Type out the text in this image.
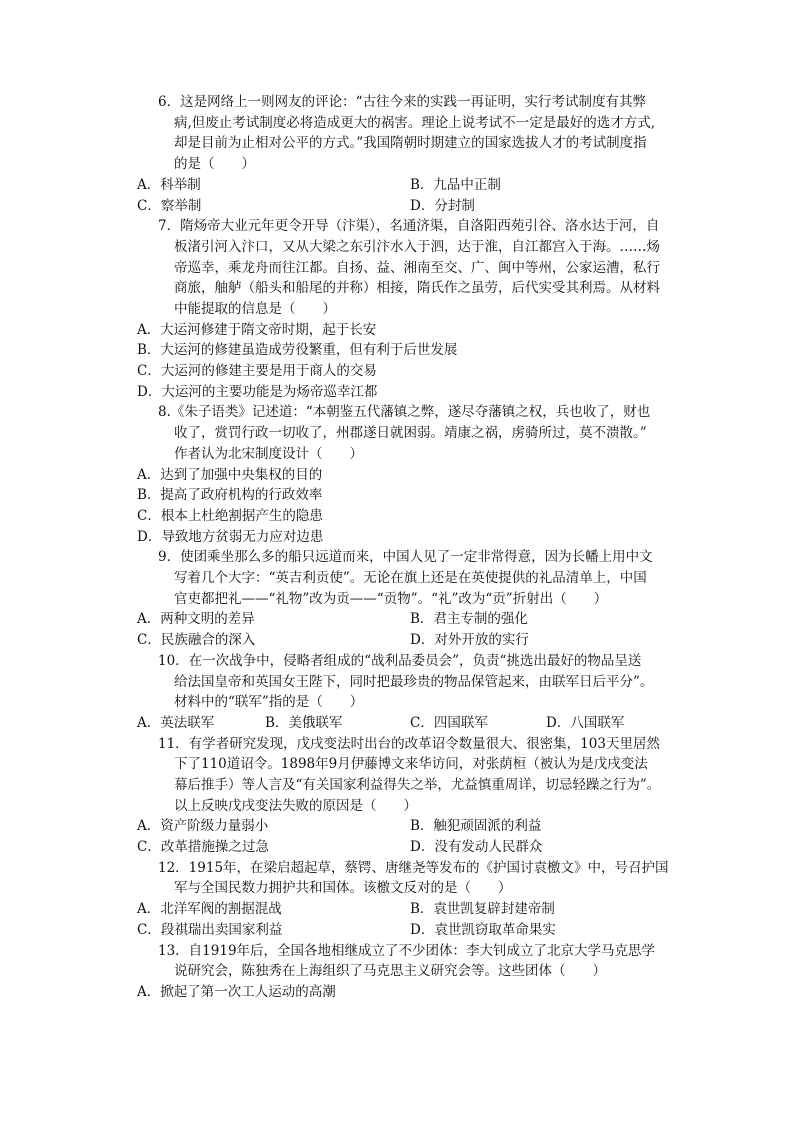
6．这是网络上一则网友的评论：“古往今来的实践一再证明，实行考试制度有其弊
病,但废止考试制度必将造成更大的祸害。理论上说考试不一定是最好的选才方式,
却是目前为止相对公平的方式。”我国隋朝时期建立的国家选拔人才的考试制度指
的是（　　）
A．科举制	B．九品中正制
C．察举制	D．分封制
7．隋炀帝大业元年更令开导（汴渠），名通济渠，自洛阳西苑引谷、洛水达于河，自
板渚引河入汴口，又从大梁之东引汴水入于泗，达于淮，自江都宫入于海。……炀
帝巡幸，乘龙舟而往江都。自扬、益、湘南至交、广、闽中等州，公家运漕，私行
商旅，舳舻（船头和船尾的并称）相接，隋氏作之虽劳，后代实受其利焉。从材料
中能提取的信息是（　　）
A．大运河修建于隋文帝时期，起于长安
B．大运河的修建虽造成劳役繁重，但有利于后世发展
C．大运河的修建主要是用于商人的交易
D．大运河的主要功能是为炀帝巡幸江都
8.《朱子语类》记述道：“本朝鉴五代藩镇之弊，遂尽夺藩镇之权，兵也收了，财也
收了，赏罚行政一切收了，州郡遂日就困弱。靖康之祸，虏骑所过，莫不溃散。”
作者认为北宋制度设计（　　）
A．达到了加强中央集权的目的
B．提高了政府机构的行政效率
C．根本上杜绝割据产生的隐患
D．导致地方贫弱无力应对边患
9．使团乘坐那么多的船只远道而来，中国人见了一定非常得意，因为长幡上用中文
写着几个大字：“英吉利贡使”。无论在旗上还是在英使提供的礼品清单上，中国
官吏都把礼——“礼物”改为贡——“贡物”。“礼”改为“贡”折射出（　　）
A．两种文明的差异	B．君主专制的强化
C．民族融合的深入	D．对外开放的实行
10．在一次战争中，侵略者组成的“战利品委员会”，负责“挑选出最好的物品呈送
给法国皇帝和英国女王陛下，同时把最珍贵的物品保管起来，由联军日后平分”。
材料中的“联军”指的是（　　）
A．英法联军	B．美俄联军	C．四国联军	D．八国联军
11．有学者研究发现，戊戌变法时出台的改革诏令数量很大、很密集，103天里居然
下了110道诏令。1898年9月伊藤博文来华访问，对张荫桓（被认为是戊戌变法
幕后推手）等人言及“有关国家利益得失之举，尤益慎重周详，切忌轻躁之行为”。
以上反映戊戌变法失败的原因是（　　）
A．资产阶级力量弱小	B．触犯顽固派的利益
C．改革措施操之过急	D．没有发动人民群众
12．1915年，在梁启超起草，蔡锷、唐继尧等发布的《护国讨袁檄文》中，号召护国
军与全国民数力拥护共和国体。该檄文反对的是（　　）
A．北洋军阀的割据混战	B．袁世凯复辟封建帝制
C．段祺瑞出卖国家利益	D．袁世凯窃取革命果实
13．自1919年后，全国各地相继成立了不少团体：李大钊成立了北京大学马克思学
说研究会，陈独秀在上海组织了马克思主义研究会等。这些团体（　　）
A．掀起了第一次工人运动的高潮
